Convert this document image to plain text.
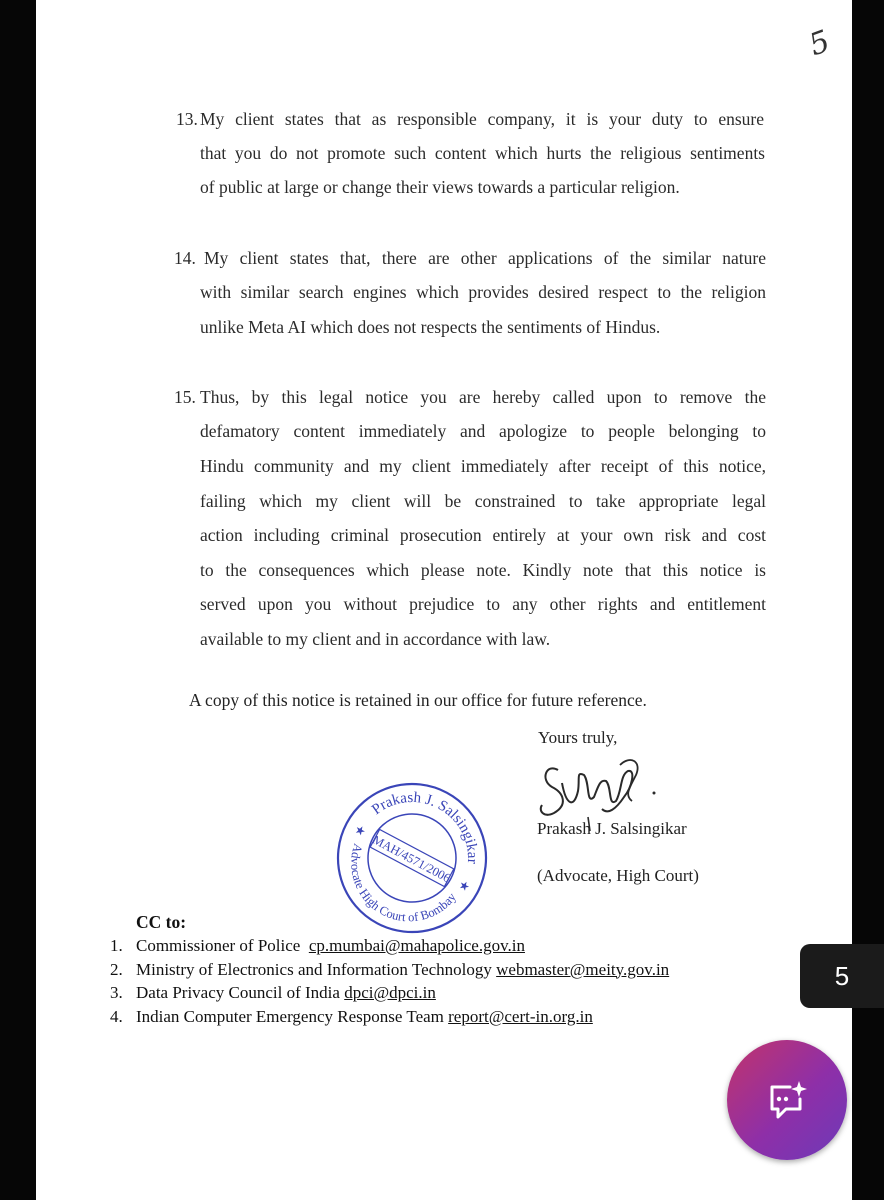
5
13. My client states that as responsible company, it is your duty to ensure
that you do not promote such content which hurts the religious sentiments
of public at large or change their views towards a particular religion.
14. My client states that, there are other applications of the similar nature
with similar search engines which provides desired respect to the religion
unlike Meta AI which does not respects the sentiments of Hindus.
15. Thus, by this legal notice you are hereby called upon to remove the
defamatory content immediately and apologize to people belonging to
Hindu community and my client immediately after receipt of this notice,
failing which my client will be constrained to take appropriate legal
action including criminal prosecution entirely at your own risk and cost
to the consequences which please note. Kindly note that this notice is
served upon you without prejudice to any other rights and entitlement
available to my client and in accordance with law.
A copy of this notice is retained in our office for future reference.
Yours truly,
Prakash J. Salsingikar
(Advocate, High Court)
Prakash J. Salsingikar
Advocate High Court of Bombay
MAH/4571/2006
★
★
CC to:
1. Commissioner of Police cp.mumbai@mahapolice.gov.in
2. Ministry of Electronics and Information Technology webmaster@meity.gov.in
3. Data Privacy Council of India dpci@dpci.in
4. Indian Computer Emergency Response Team report@cert-in.org.in
5
